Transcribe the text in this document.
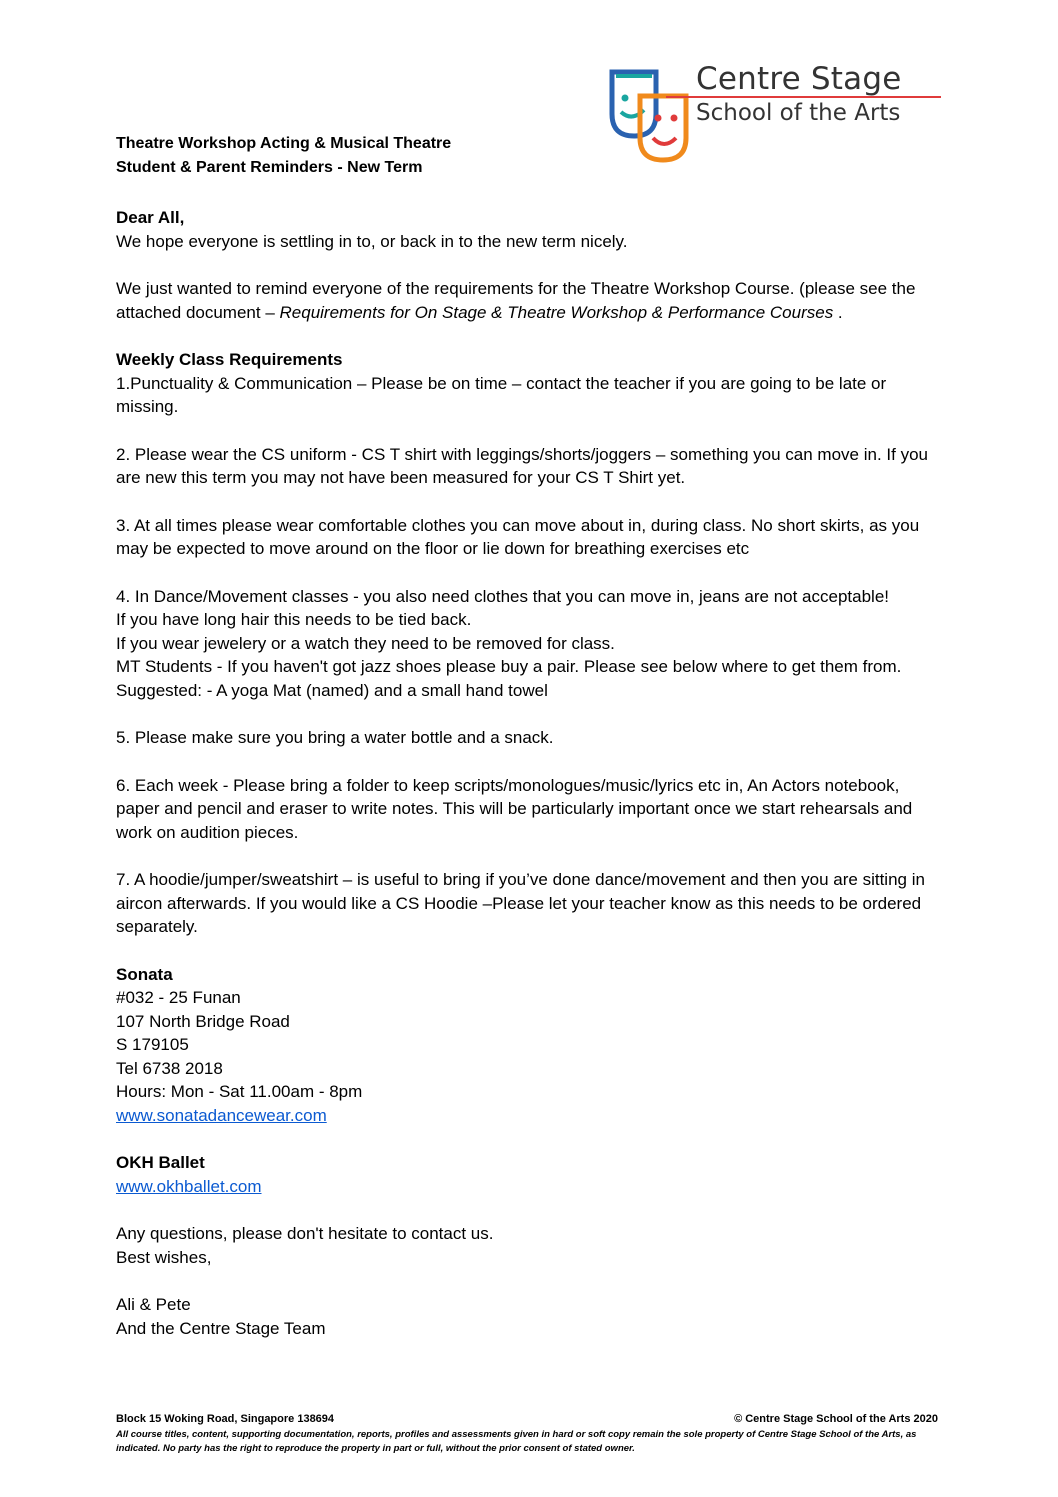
Centre Stage
School of the Arts

Theatre Workshop Acting & Musical Theatre

Student & Parent Reminders - New Term

Dear All,

We hope everyone is settling in to, or back in to the new term nicely.

We just wanted to remind everyone of the requirements for the Theatre Workshop Course. (please see the attached document – Requirements for On Stage & Theatre Workshop & Performance Courses .

Weekly Class Requirements

1.Punctuality & Communication – Please be on time – contact the teacher if you are going to be late or missing.

2. Please wear the CS uniform - CS T shirt with leggings/shorts/joggers – something you can move in. If you are new this term you may not have been measured for your CS T Shirt yet.

3. At all times please wear comfortable clothes you can move about in, during class. No short skirts, as you may be expected to move around on the floor or lie down for breathing exercises etc

4. In Dance/Movement classes - you also need clothes that you can move in, jeans are not acceptable!

If you have long hair this needs to be tied back.

If you wear jewelery or a watch they need to be removed for class.

MT Students - If you haven't got jazz shoes please buy a pair. Please see below where to get them from.

Suggested: - A yoga Mat (named) and a small hand towel

5. Please make sure you bring a water bottle and a snack.

6. Each week - Please bring a folder to keep scripts/monologues/music/lyrics etc in, An Actors notebook, paper and pencil and eraser to write notes. This will be particularly important once we start rehearsals and work on audition pieces.

7. A hoodie/jumper/sweatshirt – is useful to bring if you’ve done dance/movement and then you are sitting in aircon afterwards. If you would like a CS Hoodie –Please let your teacher know as this needs to be ordered separately.

Sonata

#032 - 25 Funan

107 North Bridge Road

S 179105

Tel 6738 2018

Hours: Mon - Sat 11.00am - 8pm

www.sonatadancewear.com

OKH Ballet

www.okhballet.com

Any questions, please don't hesitate to contact us.

Best wishes,

Ali & Pete

And the Centre Stage Team

Block 15 Woking Road, Singapore 138694	© Centre Stage School of the Arts 2020
All course titles, content, supporting documentation, reports, profiles and assessments given in hard or soft copy remain the sole property of Centre Stage School of the Arts, as indicated. No party has the right to reproduce the property in part or full, without the prior consent of stated owner.
